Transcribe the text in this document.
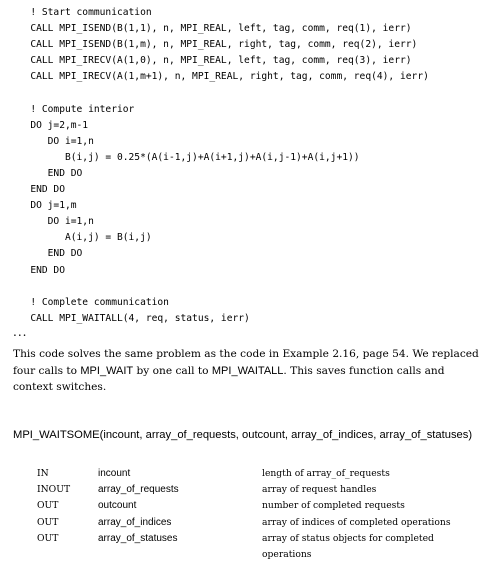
! Start communication
CALL MPI_ISEND(B(1,1), n, MPI_REAL, left, tag, comm, req(1), ierr)
CALL MPI_ISEND(B(1,m), n, MPI_REAL, right, tag, comm, req(2), ierr)
CALL MPI_IRECV(A(1,0), n, MPI_REAL, left, tag, comm, req(3), ierr)
CALL MPI_IRECV(A(1,m+1), n, MPI_REAL, right, tag, comm, req(4), ierr)
! Compute interior
DO j=2,m-1
DO i=1,n
B(i,j) = 0.25*(A(i-1,j)+A(i+1,j)+A(i,j-1)+A(i,j+1))
END DO
END DO
DO j=1,m
DO i=1,n
A(i,j) = B(i,j)
END DO
END DO
! Complete communication
CALL MPI_WAITALL(4, req, status, ierr)
...

This code solves the same problem as the code in Example 2.16, page 54. We replaced four calls to MPI_WAIT by one call to MPI_WAITALL. This saves function calls and context switches.

MPI_WAITSOME(incount, array_of_requests, outcount, array_of_indices, array_of_statuses)
IN	incount	length of array_of_requests
INOUT	array_of_requests	array of request handles
OUT	outcount	number of completed requests
OUT	array_of_indices	array of indices of completed operations
OUT	array_of_statuses	array of status objects for completed operations
